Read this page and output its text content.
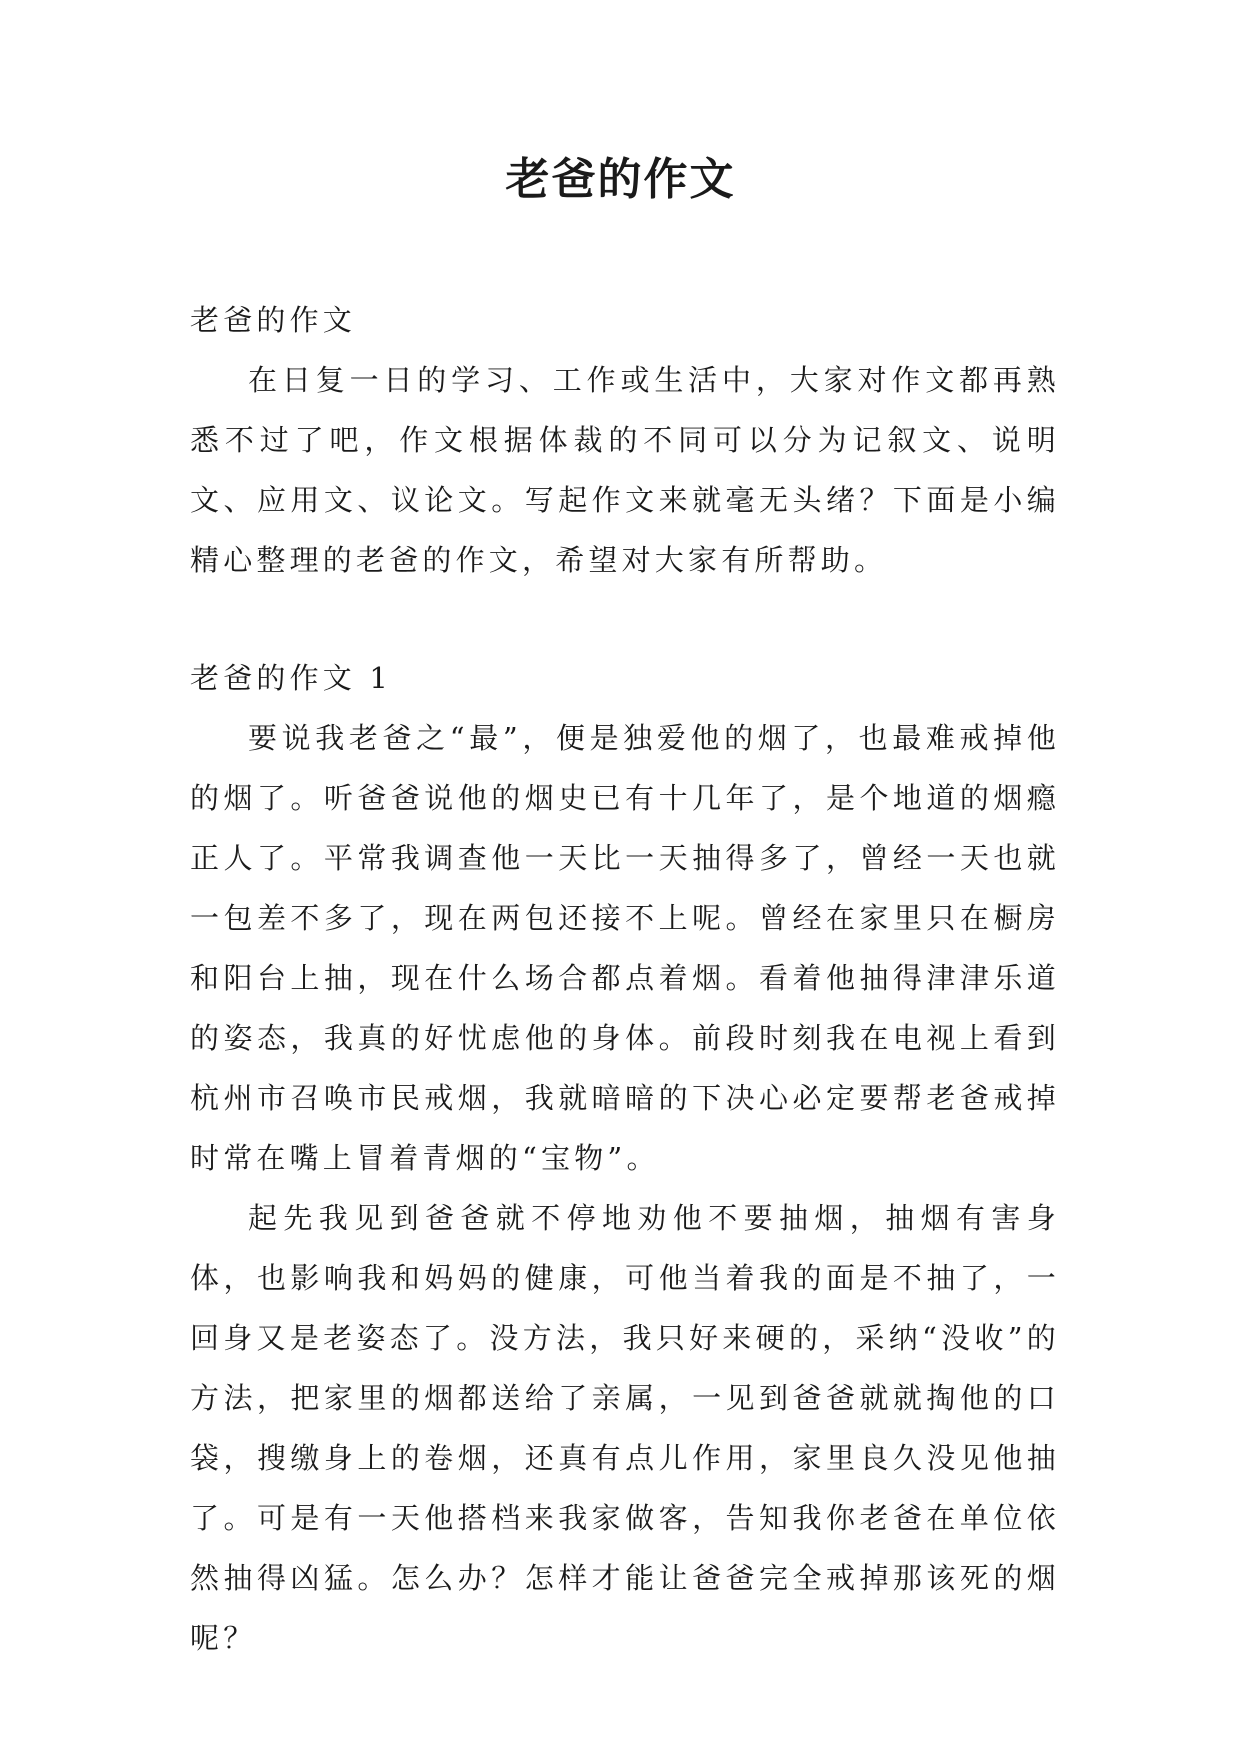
老爸的作文
老爸的作文

在日复一日的学习、工作或生活中，大家对作文都再熟悉不过了吧，作文根据体裁的不同可以分为记叙文、说明文、应用文、议论文。写起作文来就毫无头绪？下面是小编精心整理的老爸的作文，希望对大家有所帮助。

老爸的作文 1

要说我老爸之“最”，便是独爱他的烟了，也最难戒掉他的烟了。听爸爸说他的烟史已有十几年了，是个地道的烟瘾正人了。平常我调查他一天比一天抽得多了，曾经一天也就一包差不多了，现在两包还接不上呢。曾经在家里只在橱房和阳台上抽，现在什么场合都点着烟。看着他抽得津津乐道的姿态，我真的好忧虑他的身体。前段时刻我在电视上看到杭州市召唤市民戒烟，我就暗暗的下决心必定要帮老爸戒掉时常在嘴上冒着青烟的“宝物”。

起先我见到爸爸就不停地劝他不要抽烟，抽烟有害身体，也影响我和妈妈的健康，可他当着我的面是不抽了，一回身又是老姿态了。没方法，我只好来硬的，采纳“没收”的方法，把家里的烟都送给了亲属，一见到爸爸就就掏他的口袋，搜缴身上的卷烟，还真有点儿作用，家里良久没见他抽了。可是有一天他搭档来我家做客，告知我你老爸在单位依然抽得凶猛。怎么办？怎样才能让爸爸完全戒掉那该死的烟呢？
